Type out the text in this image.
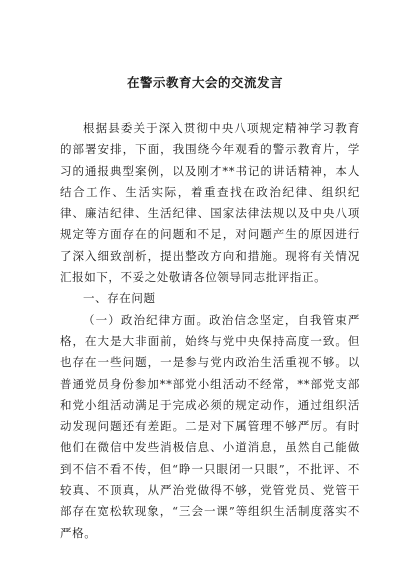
在警示教育大会的交流发言

根据县委关于深入贯彻中央八项规定精神学习教育的部署安排，下面，我围绕今年观看的警示教育片，学习的通报典型案例，以及刚才**书记的讲话精神，本人结合工作、生活实际，着重查找在政治纪律、组织纪律、廉洁纪律、生活纪律、国家法律法规以及中央八项规定等方面存在的问题和不足，对问题产生的原因进行了深入细致剖析，提出整改方向和措施。现将有关情况汇报如下，不妥之处敬请各位领导同志批评指正。

一、存在问题

（一）政治纪律方面。政治信念坚定，自我管束严格，在大是大非面前，始终与党中央保持高度一致。但也存在一些问题，一是参与党内政治生活重视不够。以普通党员身份参加**部党小组活动不经常，**部党支部和党小组活动满足于完成必须的规定动作，通过组织活动发现问题还有差距。二是对下属管理不够严厉。有时他们在微信中发些消极信息、小道消息，虽然自己能做到不信不看不传，但“睁一只眼闭一只眼”，不批评、不较真、不顶真，从严治党做得不够，党管党员、党管干部存在宽松软现象，“三会一课”等组织生活制度落实不严格。
